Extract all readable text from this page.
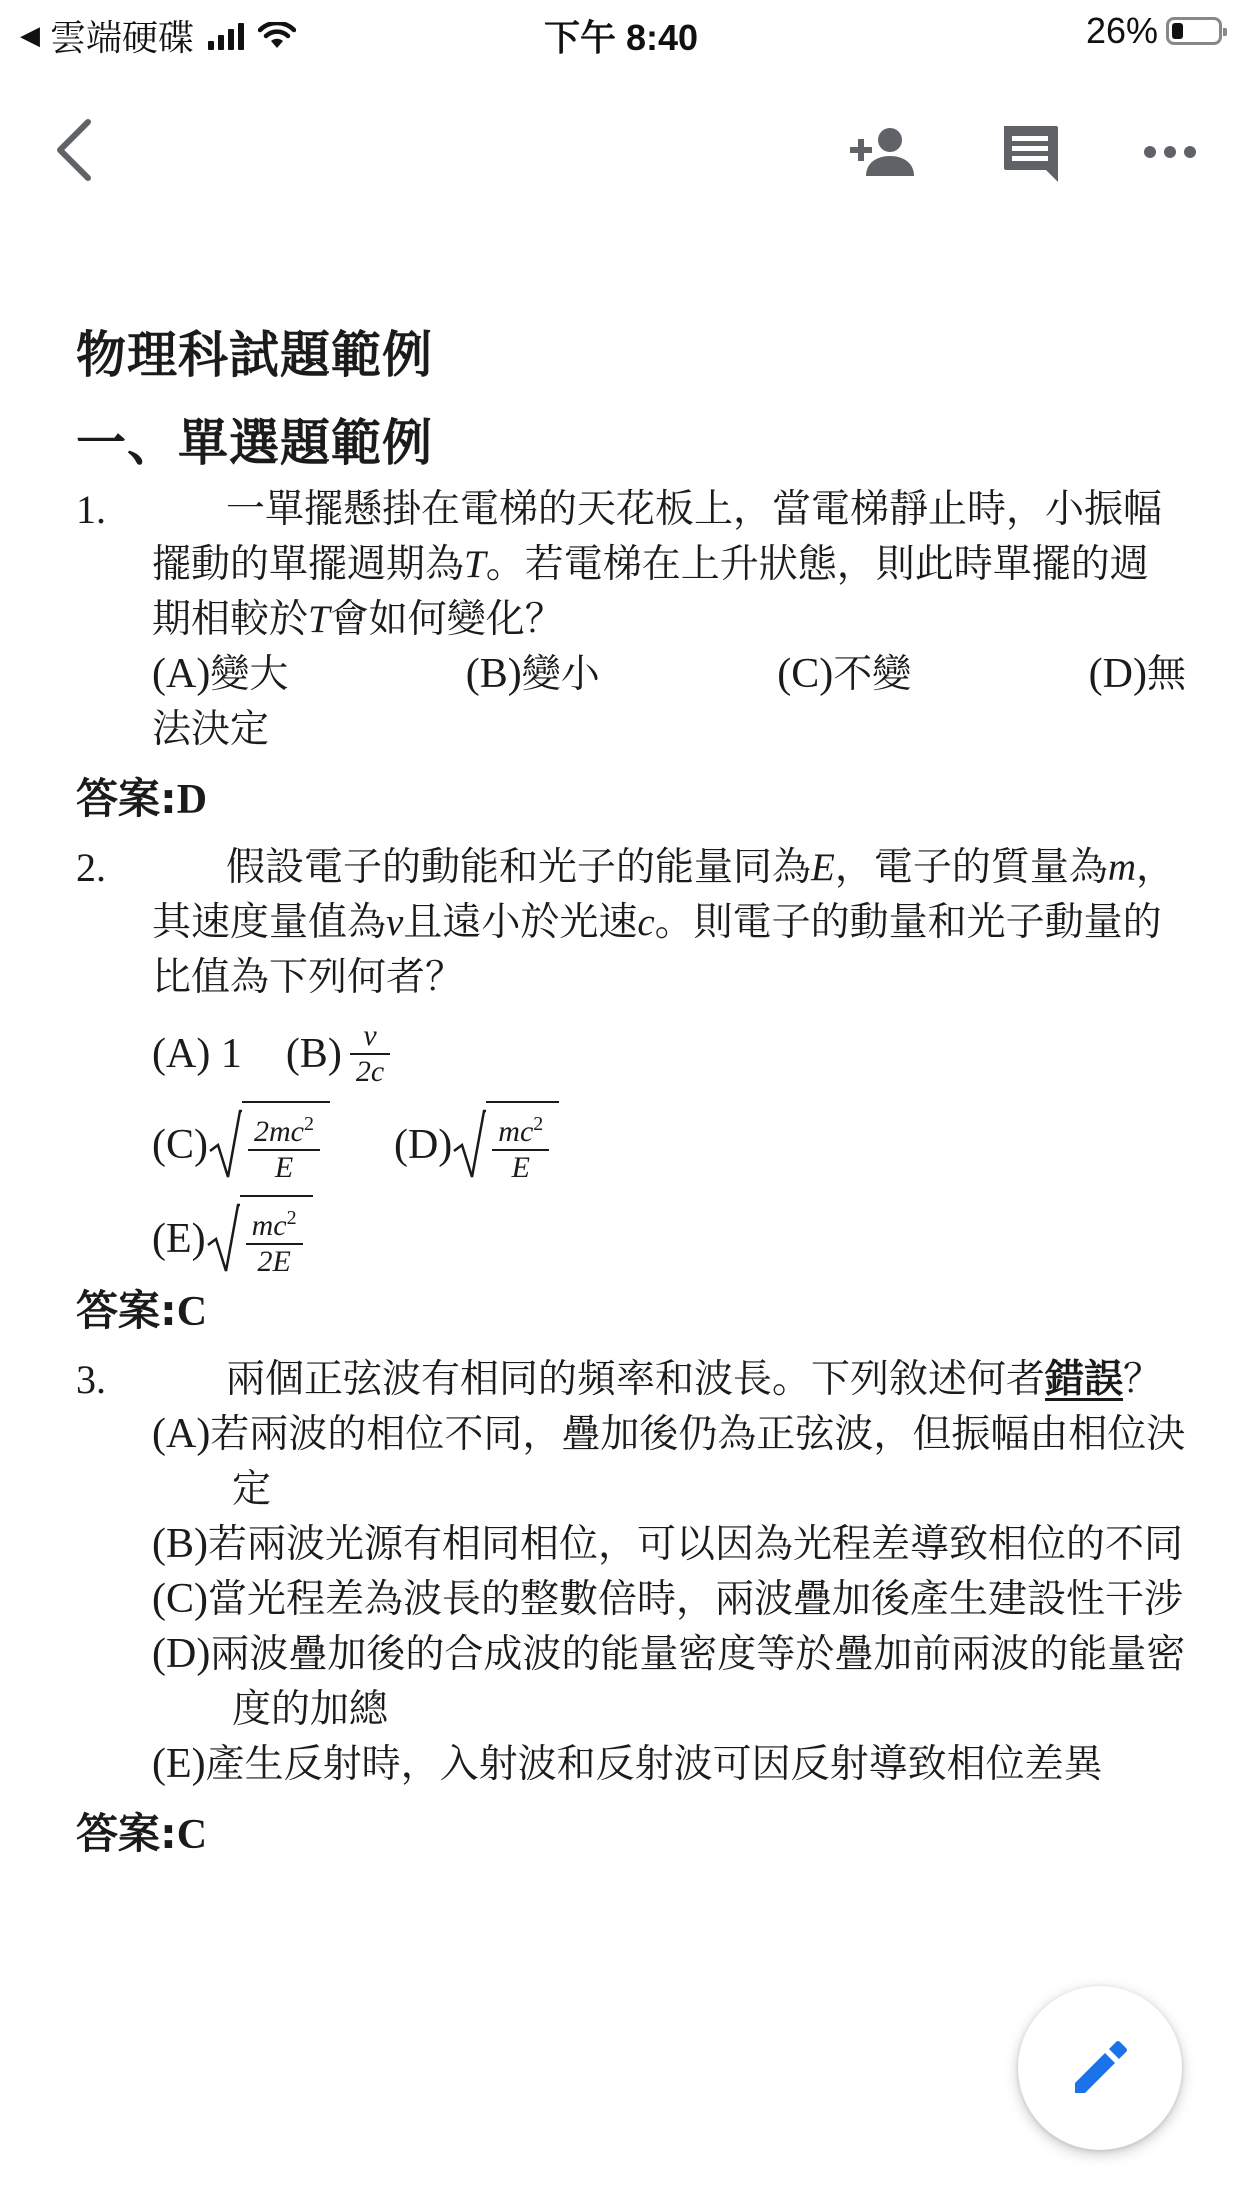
◀ 雲端硬碟	下午 8:40	26%
物理科試題範例
一、單選題範例
1.	一單擺懸掛在電梯的天花板上，當電梯靜止時，小振幅擺動的單擺週期為T。若電梯在上升狀態，則此時單擺的週期相較於T會如何變化？
(A)變大	(B)變小	(C)不變	(D)無
法決定
答案:D
2.	假設電子的動能和光子的能量同為E，電子的質量為m，其速度量值為v且遠小於光速c。則電子的動量和光子動量的比值為下列何者？
(A) 1 $(B) \frac{v}{2c}$
$(C) \frac{2mc^2}{E} (D) \frac{mc^2}{E}$
$(E) \frac{mc^2}{2E}$
答案:C
3.	兩個正弦波有相同的頻率和波長。下列敘述何者錯誤？
(A)若兩波的相位不同，疊加後仍為正弦波，但振幅由相位決定
(B)若兩波光源有相同相位，可以因為光程差導致相位的不同
(C)當光程差為波長的整數倍時，兩波疊加後產生建設性干涉
(D)兩波疊加後的合成波的能量密度等於疊加前兩波的能量密度的加總
(E)產生反射時，入射波和反射波可因反射導致相位差異
答案:C
